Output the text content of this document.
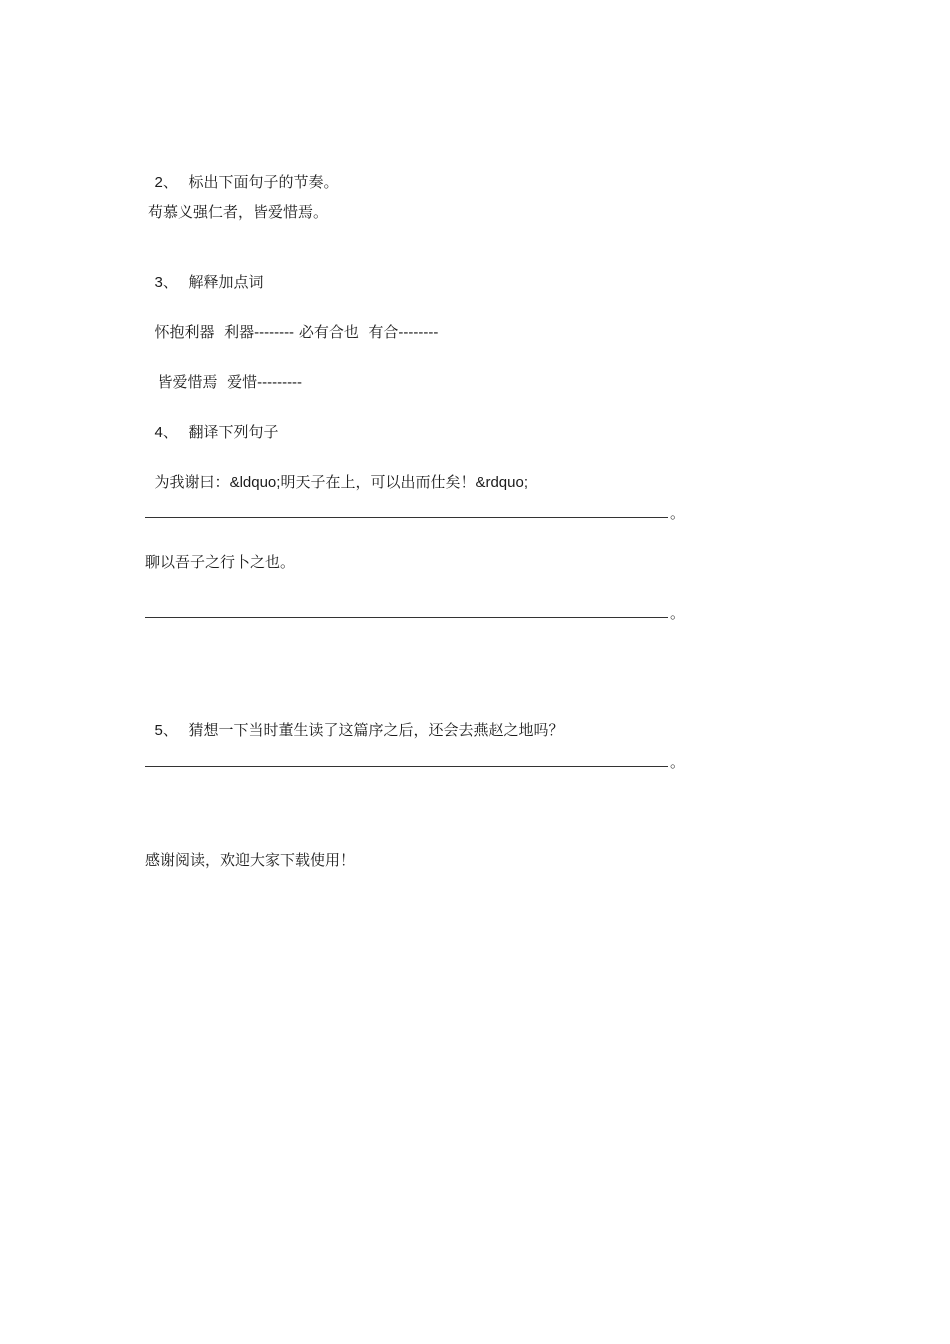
2、 标出下面句子的节奏。

苟慕义强仁者，皆爱惜焉。

3、 解释加点词

怀抱利器  利器-------- 必有合也  有合--------

皆爱惜焉  爱惜---------

4、 翻译下列句子

为我谢曰：&ldquo;明天子在上，可以出而仕矣！&rdquo;

。
聊以吾子之行卜之也。
。

5、 猜想一下当时董生读了这篇序之后，还会去燕赵之地吗？

。
感谢阅读，欢迎大家下载使用！
